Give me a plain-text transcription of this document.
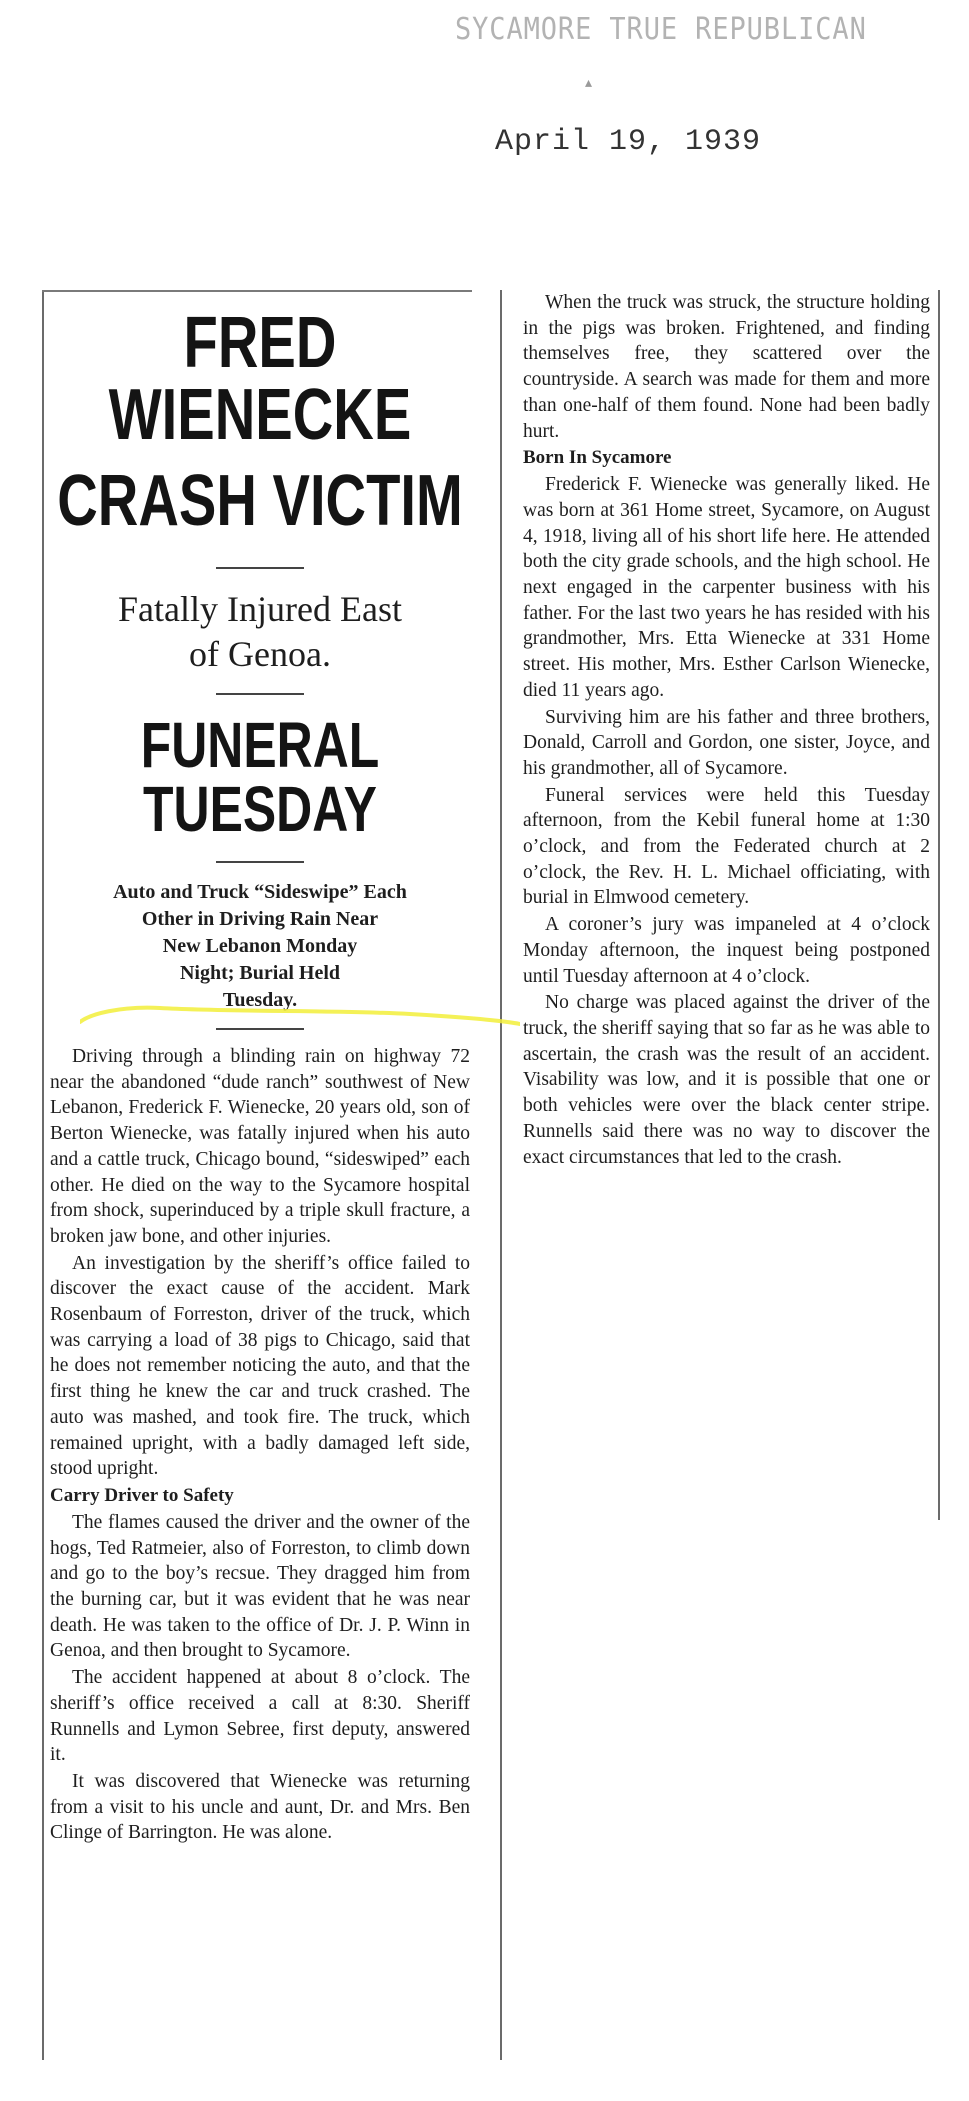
SYCAMORE TRUE REPUBLICAN
▴
April 19, 1939
FRED WIENECKE
CRASH VICTIM
Fatally Injured East
of Genoa.
FUNERAL TUESDAY
Auto and Truck “Sideswipe” Each
Other in Driving Rain Near
New Lebanon Monday
Night; Burial Held
Tuesday.

Driving through a blinding rain on highway 72 near the abandoned “dude ranch” southwest of New Lebanon, Frederick F. Wienecke, 20 years old, son of Berton Wienecke, was fatally injured when his auto and a cattle truck, Chicago bound, “sideswiped” each other. He died on the way to the Sycamore hospital from shock, superinduced by a triple skull fracture, a broken jaw bone, and other injuries.

An investigation by the sheriff’s office failed to discover the exact cause of the accident. Mark Rosenbaum of Forreston, driver of the truck, which was carrying a load of 38 pigs to Chicago, said that he does not remember noticing the auto, and that the first thing he knew the car and truck crashed. The auto was mashed, and took fire. The truck, which remained upright, with a badly damaged left side, stood upright.

Carry Driver to Safety

The flames caused the driver and the owner of the hogs, Ted Ratmeier, also of Forreston, to climb down and go to the boy’s recsue. They dragged him from the burning car, but it was evident that he was near death. He was taken to the office of Dr. J. P. Winn in Genoa, and then brought to Sycamore.

The accident happened at about 8 o’clock. The sheriff’s office received a call at 8:30. Sheriff Runnells and Lymon Sebree, first deputy, answered it.

It was discovered that Wienecke was returning from a visit to his uncle and aunt, Dr. and Mrs. Ben Clinge of Barrington. He was alone.

When the truck was struck, the structure holding in the pigs was broken. Frightened, and finding themselves free, they scattered over the countryside. A search was made for them and more than one-half of them found. None had been badly hurt.

Born In Sycamore

Frederick F. Wienecke was generally liked. He was born at 361 Home street, Sycamore, on August 4, 1918, living all of his short life here. He attended both the city grade schools, and the high school. He next engaged in the carpenter business with his father. For the last two years he has resided with his grandmother, Mrs. Etta Wienecke at 331 Home street. His mother, Mrs. Esther Carlson Wienecke, died 11 years ago.

Surviving him are his father and three brothers, Donald, Carroll and Gordon, one sister, Joyce, and his grandmother, all of Sycamore.

Funeral services were held this Tuesday afternoon, from the Kebil funeral home at 1:30 o’clock, and from the Federated church at 2 o’clock, the Rev. H. L. Michael officiating, with burial in Elmwood cemetery.

A coroner’s jury was impaneled at 4 o’clock Monday afternoon, the inquest being postponed until Tuesday afternoon at 4 o’clock.

No charge was placed against the driver of the truck, the sheriff saying that so far as he was able to ascertain, the crash was the result of an accident. Visability was low, and it is possible that one or both vehicles were over the black center stripe. Runnells said there was no way to discover the exact circumstances that led to the crash.
